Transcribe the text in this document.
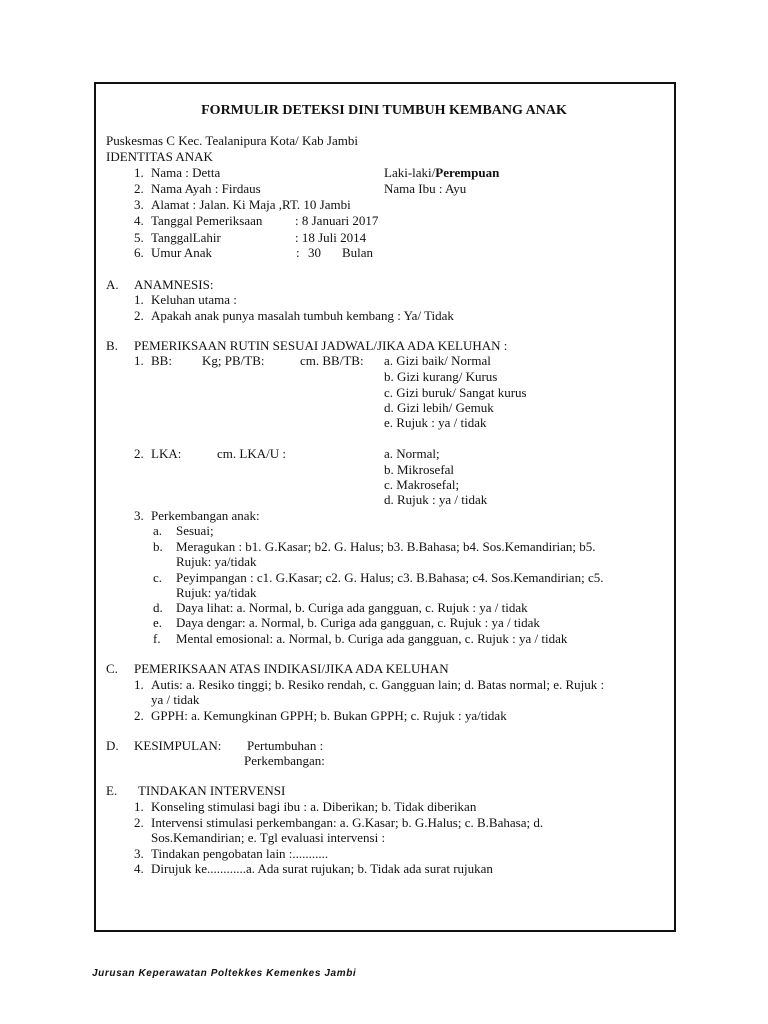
FORMULIR DETEKSI DINI TUMBUH KEMBANG ANAK
Puskesmas C Kec. Tealanipura Kota/ Kab Jambi
IDENTITAS ANAK
1. Nama : Detta	Laki-laki/Perempuan
2. Nama Ayah : Firdaus	Nama Ibu : Ayu
3. Alamat : Jalan. Ki Maja ,RT. 10 Jambi
4. Tanggal Pemeriksaan	: 8 Januari 2017
5. TanggalLahir	: 18 Juli 2014
6. Umur Anak	: 30 Bulan
A. ANAMNESIS:
1. Keluhan utama :
2. Apakah anak punya masalah tumbuh kembang : Ya/ Tidak
B. PEMERIKSAAN RUTIN SESUAI JADWAL/JIKA ADA KELUHAN :
1. BB: Kg; PB/TB:	cm. BB/TB: a. Gizi baik/ Normal
b. Gizi kurang/ Kurus
c. Gizi buruk/ Sangat kurus
d. Gizi lebih/ Gemuk
e. Rujuk : ya / tidak
2. LKA:	cm. LKA/U :	a. Normal;
b. Mikrosefal
c. Makrosefal;
d. Rujuk : ya / tidak
3. Perkembangan anak:
a. Sesuai;
b. Meragukan : b1. G.Kasar; b2. G. Halus; b3. B.Bahasa; b4. Sos.Kemandirian; b5.
Rujuk: ya/tidak
c. Peyimpangan : c1. G.Kasar; c2. G. Halus; c3. B.Bahasa; c4. Sos.Kemandirian; c5.
Rujuk: ya/tidak
d. Daya lihat: a. Normal, b. Curiga ada gangguan, c. Rujuk : ya / tidak
e. Daya dengar: a. Normal, b. Curiga ada gangguan, c. Rujuk : ya / tidak
f. Mental emosional: a. Normal, b. Curiga ada gangguan, c. Rujuk : ya / tidak
C. PEMERIKSAAN ATAS INDIKASI/JIKA ADA KELUHAN
1. Autis: a. Resiko tinggi; b. Resiko rendah, c. Gangguan lain; d. Batas normal; e. Rujuk :
ya / tidak
2. GPPH: a. Kemungkinan GPPH; b. Bukan GPPH; c. Rujuk : ya/tidak
D. KESIMPULAN: Pertumbuhan :
Perkembangan:
E. TINDAKAN INTERVENSI
1. Konseling stimulasi bagi ibu : a. Diberikan; b. Tidak diberikan
2. Intervensi stimulasi perkembangan: a. G.Kasar; b. G.Halus; c. B.Bahasa; d.
Sos.Kemandirian; e. Tgl evaluasi intervensi :
3. Tindakan pengobatan lain :...........
4. Dirujuk ke............a. Ada surat rujukan; b. Tidak ada surat rujukan
Jurusan Keperawatan Poltekkes Kemenkes Jambi
